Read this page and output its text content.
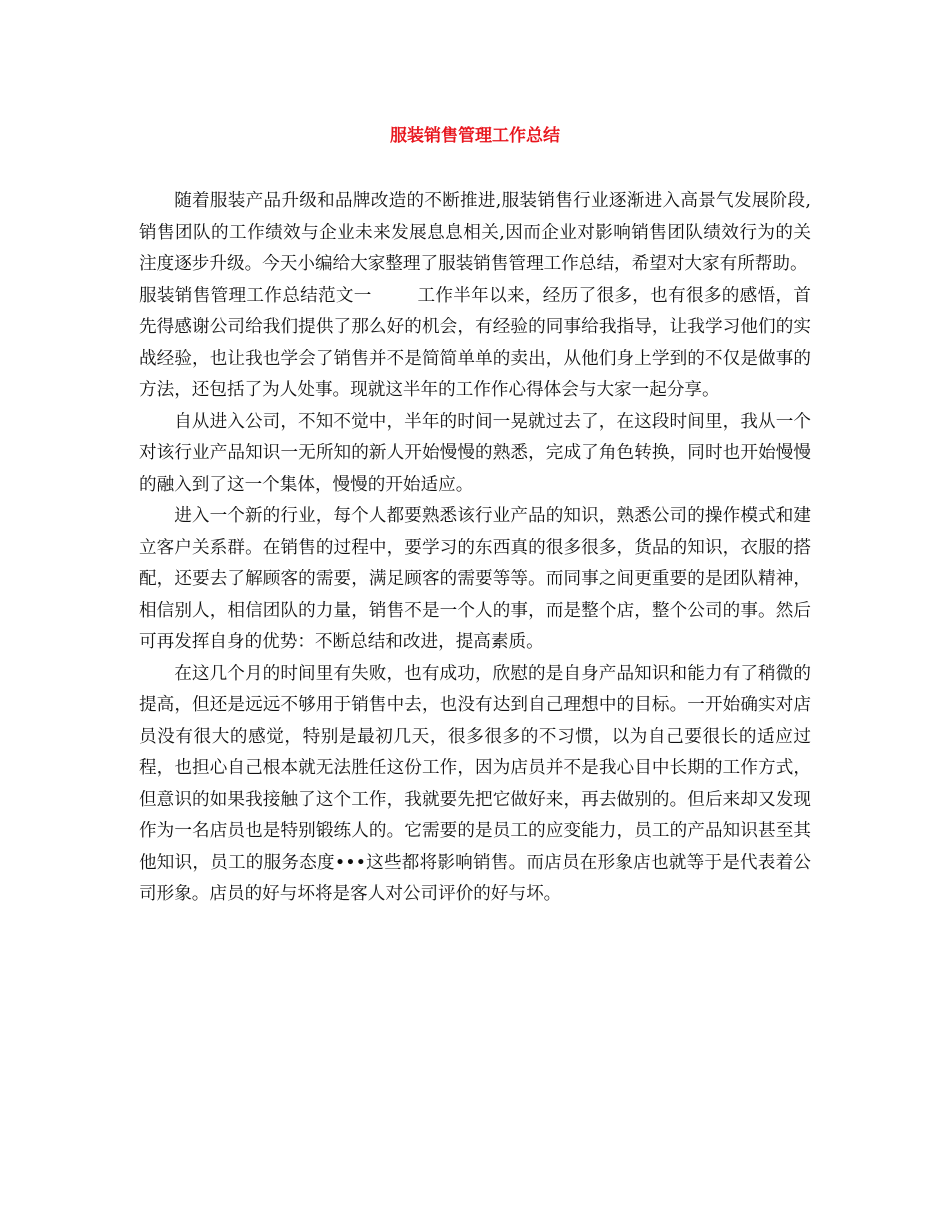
服装销售管理工作总结

随着服装产品升级和品牌改造的不断推进,服装销售行业逐渐进入高景气发展阶段,销售团队的工作绩效与企业未来发展息息相关,因而企业对影响销售团队绩效行为的关注度逐步升级。今天小编给大家整理了服装销售管理工作总结，希望对大家有所帮助。

服装销售管理工作总结范文一	工作半年以来，经历了很多，也有很多的感悟，首先得感谢公司给我们提供了那么好的机会，有经验的同事给我指导，让我学习他们的实战经验，也让我也学会了销售并不是简简单单的卖出，从他们身上学到的不仅是做事的方法，还包括了为人处事。现就这半年的工作作心得体会与大家一起分享。

自从进入公司，不知不觉中，半年的时间一晃就过去了，在这段时间里，我从一个对该行业产品知识一无所知的新人开始慢慢的熟悉，完成了角色转换，同时也开始慢慢的融入到了这一个集体，慢慢的开始适应。

进入一个新的行业，每个人都要熟悉该行业产品的知识，熟悉公司的操作模式和建立客户关系群。在销售的过程中，要学习的东西真的很多很多，货品的知识，衣服的搭配，还要去了解顾客的需要，满足顾客的需要等等。而同事之间更重要的是团队精神，相信别人，相信团队的力量，销售不是一个人的事，而是整个店，整个公司的事。然后可再发挥自身的优势：不断总结和改进，提高素质。

在这几个月的时间里有失败，也有成功，欣慰的是自身产品知识和能力有了稍微的提高，但还是远远不够用于销售中去，也没有达到自己理想中的目标。一开始确实对店员没有很大的感觉，特别是最初几天，很多很多的不习惯，以为自己要很长的适应过程，也担心自己根本就无法胜任这份工作，因为店员并不是我心目中长期的工作方式，但意识的如果我接触了这个工作，我就要先把它做好来，再去做别的。但后来却又发现作为一名店员也是特别锻练人的。它需要的是员工的应变能力，员工的产品知识甚至其他知识，员工的服务态度•••这些都将影响销售。而店员在形象店也就等于是代表着公司形象。店员的好与坏将是客人对公司评价的好与坏。
